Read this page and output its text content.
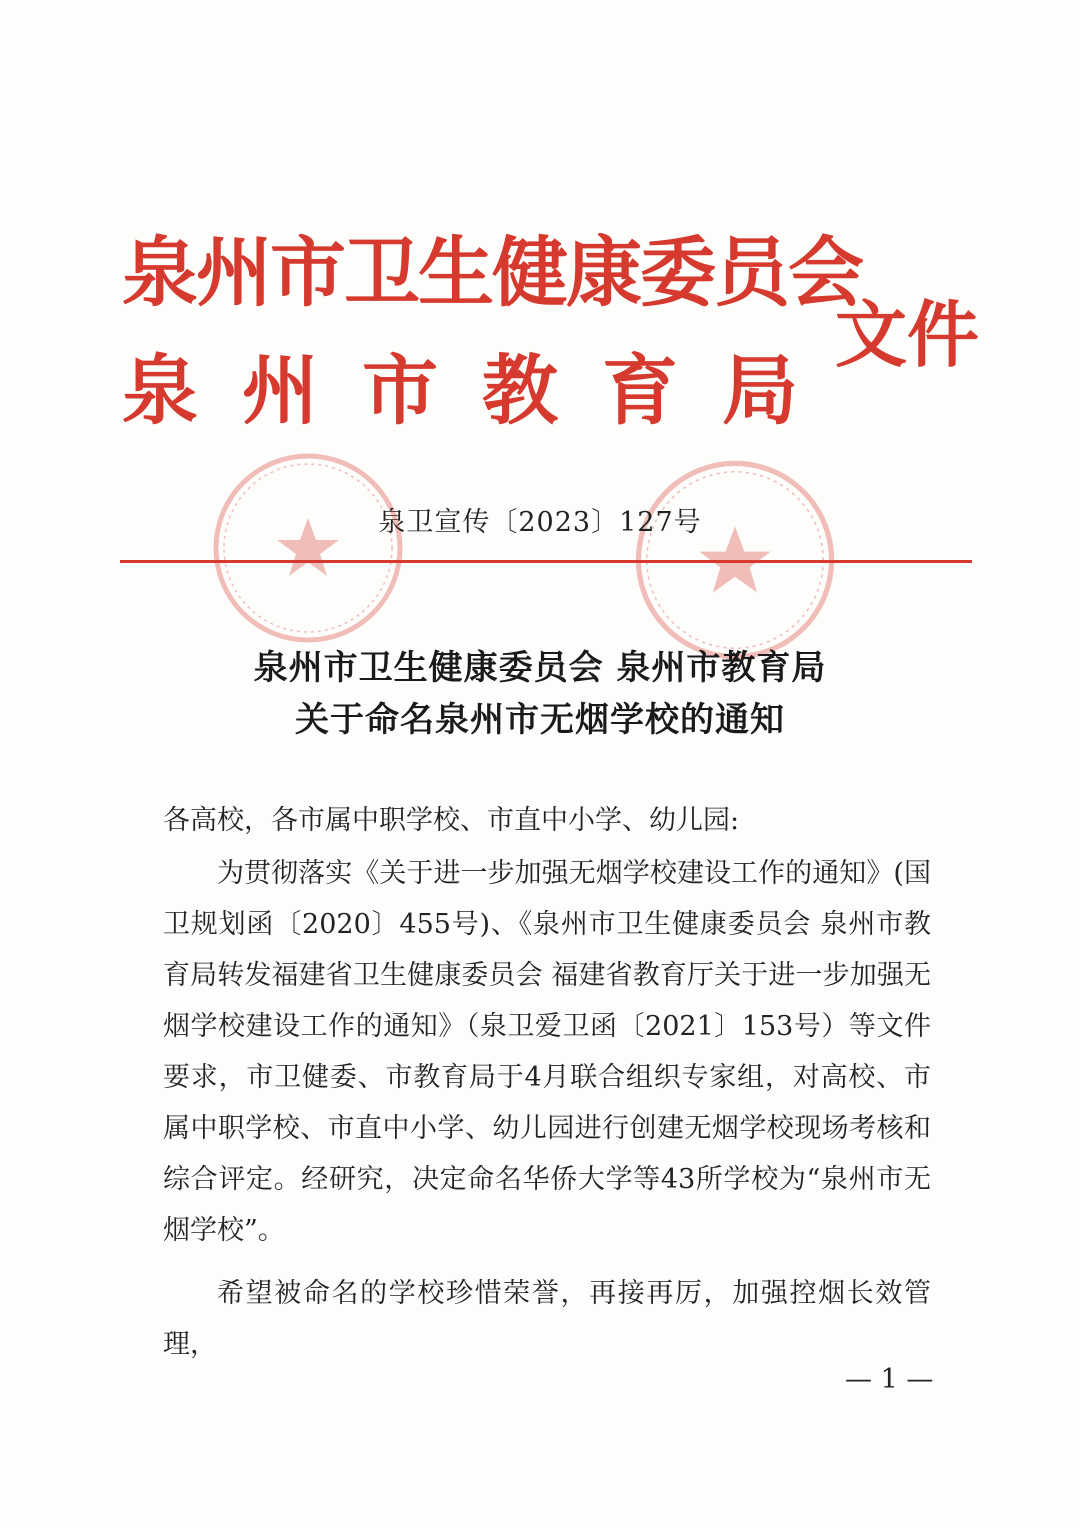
泉州市卫生健康委员会
泉州市教育局
文件
泉卫宣传〔2023〕127号
泉州市卫生健康委员会 泉州市教育局
关于命名泉州市无烟学校的通知

各高校，各市属中职学校、市直中小学、幼儿园:

为贯彻落实《关于进一步加强无烟学校建设工作的通知》(国卫规划函〔2020〕455号)、《泉州市卫生健康委员会 泉州市教育局转发福建省卫生健康委员会 福建省教育厅关于进一步加强无烟学校建设工作的通知》（泉卫爱卫函〔2021〕153号）等文件要求，市卫健委、市教育局于4月联合组织专家组，对高校、市属中职学校、市直中小学、幼儿园进行创建无烟学校现场考核和综合评定。经研究，决定命名华侨大学等43所学校为“泉州市无烟学校”。

希望被命名的学校珍惜荣誉，再接再厉，加强控烟长效管理，

— 1 —
